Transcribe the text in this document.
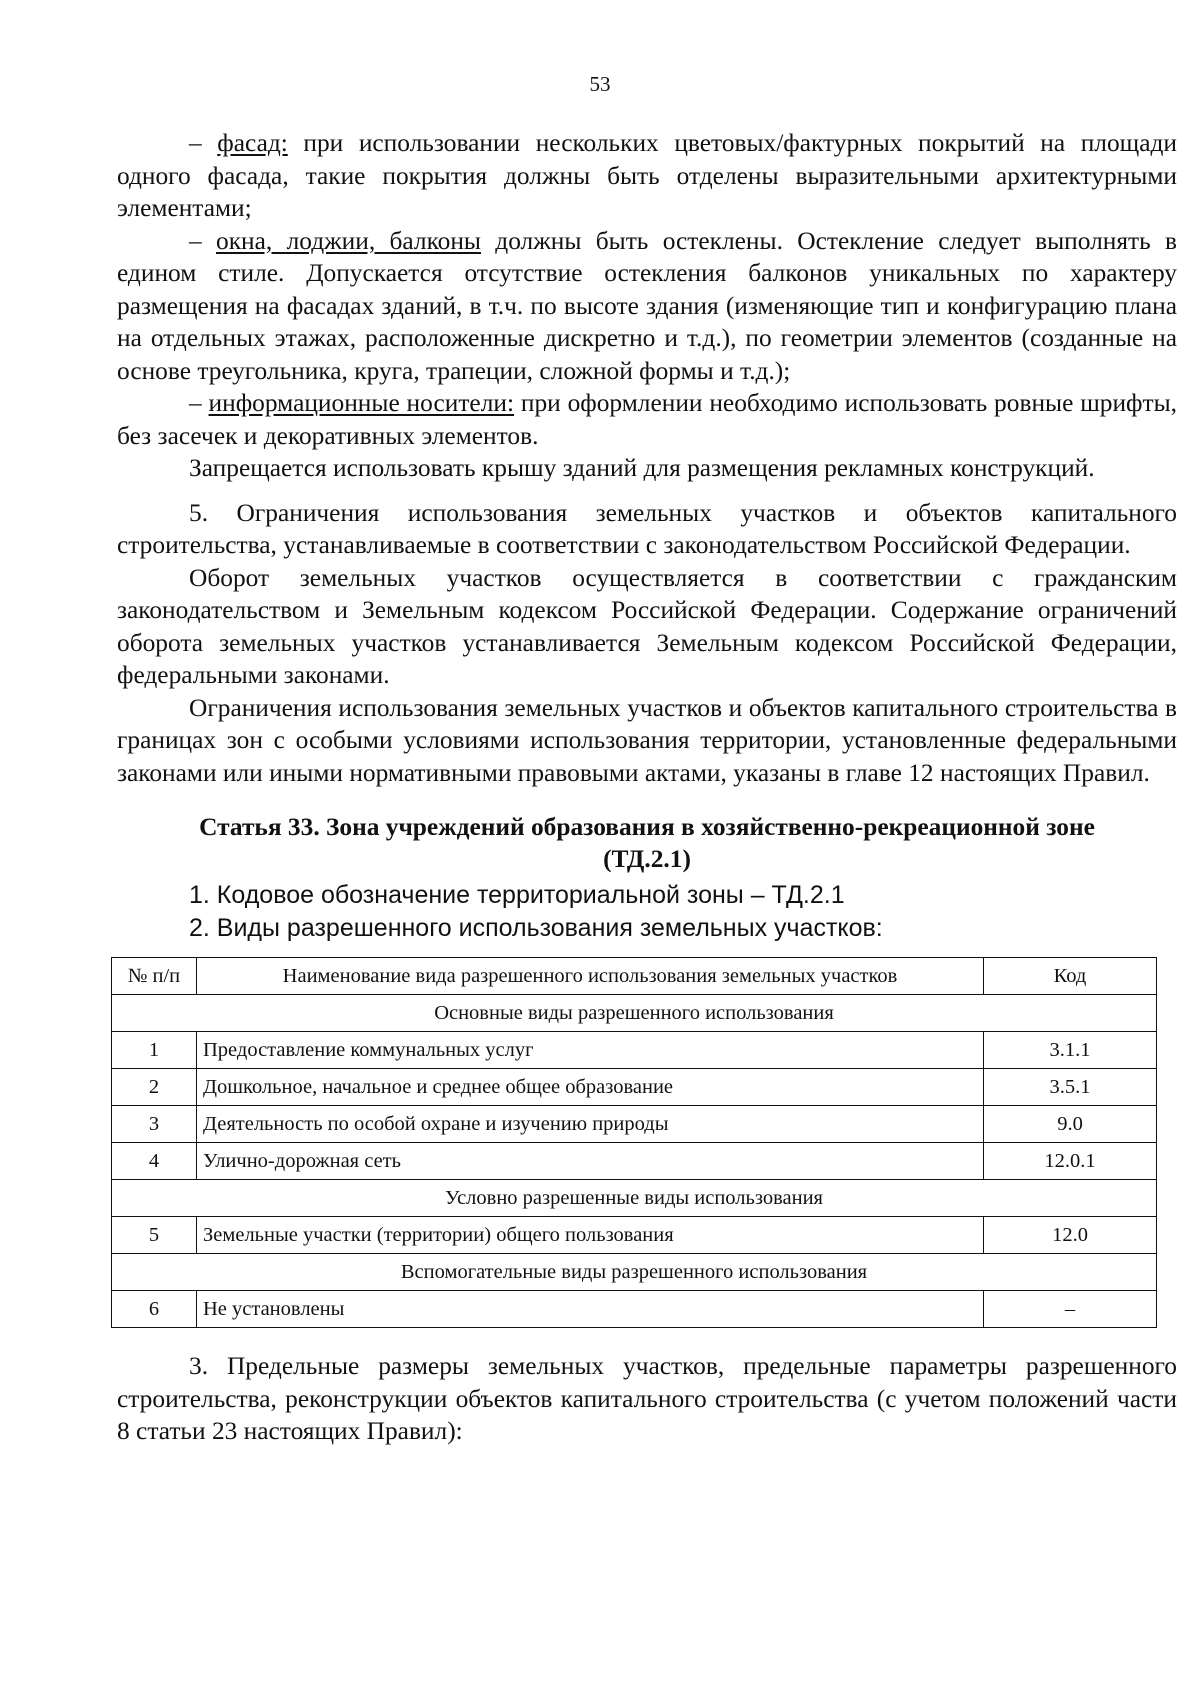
53

– фасад: при использовании нескольких цветовых/фактурных покрытий на площади одного фасада, такие покрытия должны быть отделены выразительными архитектурными элементами;

– окна, лоджии, балконы должны быть остеклены. Остекление следует выполнять в едином стиле. Допускается отсутствие остекления балконов уникальных по характеру размещения на фасадах зданий, в т.ч. по высоте здания (изменяющие тип и конфигурацию плана на отдельных этажах, расположенные дискретно и т.д.), по геометрии элементов (созданные на основе треугольника, круга, трапеции, сложной формы и т.д.);

– информационные носители: при оформлении необходимо использовать ровные шрифты, без засечек и декоративных элементов.

Запрещается использовать крышу зданий для размещения рекламных конструкций.

5. Ограничения использования земельных участков и объектов капитального строительства, устанавливаемые в соответствии с законодательством Российской Федерации.

Оборот земельных участков осуществляется в соответствии с гражданским законодательством и Земельным кодексом Российской Федерации. Содержание ограничений оборота земельных участков устанавливается Земельным кодексом Российской Федерации, федеральными законами.

Ограничения использования земельных участков и объектов капитального строительства в границах зон с особыми условиями использования территории, установленные федеральными законами или иными нормативными правовыми актами, указаны в главе 12 настоящих Правил.

Статья 33. Зона учреждений образования в хозяйственно-рекреационной зоне
(ТД.2.1)

1. Кодовое обозначение территориальной зоны – ТД.2.1

2. Виды разрешенного использования земельных участков:

№ п/п	Наименование вида разрешенного использования земельных участков	Код
Основные виды разрешенного использования		
1	Предоставление коммунальных услуг	3.1.1
2	Дошкольное, начальное и среднее общее образование	3.5.1
3	Деятельность по особой охране и изучению природы	9.0
4	Улично-дорожная сеть	12.0.1
Условно разрешенные виды использования		
5	Земельные участки (территории) общего пользования	12.0
Вспомогательные виды разрешенного использования		
6	Не установлены	–

3. Предельные размеры земельных участков, предельные параметры разрешенного строительства, реконструкции объектов капитального строительства (с учетом положений части 8 статьи 23 настоящих Правил):
